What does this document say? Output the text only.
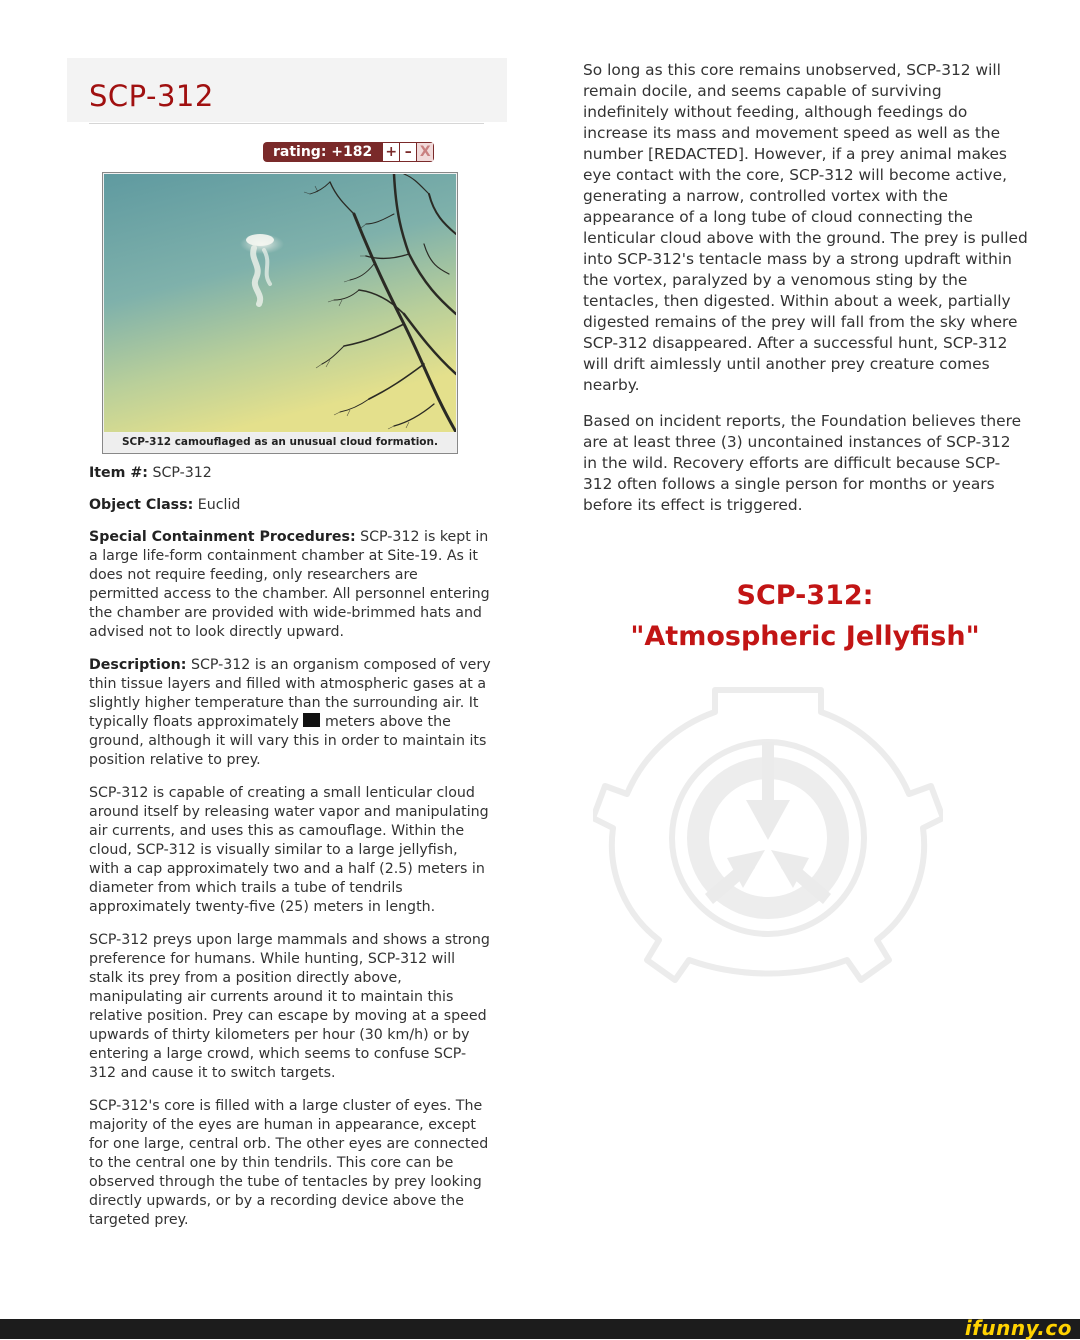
SCP-312
rating: +182 + – X
SCP-312 camouflaged as an unusual cloud formation.

Item #: SCP-312

Object Class: Euclid

Special Containment Procedures: SCP-312 is kept in a large life-form containment chamber at Site-19. As it does not require feeding, only researchers are permitted access to the chamber. All personnel entering the chamber are provided with wide-brimmed hats and advised not to look directly upward.

Description: SCP-312 is an organism composed of very thin tissue layers and filled with atmospheric gases at a slightly higher temperature than the surrounding air. It typically floats approximately meters above the ground, although it will vary this in order to maintain its position relative to prey.

SCP-312 is capable of creating a small lenticular cloud around itself by releasing water vapor and manipulating air currents, and uses this as camouflage. Within the cloud, SCP-312 is visually similar to a large jellyfish, with a cap approximately two and a half (2.5) meters in diameter from which trails a tube of tendrils approximately twenty-five (25) meters in length.

SCP-312 preys upon large mammals and shows a strong preference for humans. While hunting, SCP-312 will stalk its prey from a position directly above, manipulating air currents around it to maintain this relative position. Prey can escape by moving at a speed upwards of thirty kilometers per hour (30 km/h) or by entering a large crowd, which seems to confuse SCP-312 and cause it to switch targets.

SCP-312's core is filled with a large cluster of eyes. The majority of the eyes are human in appearance, except for one large, central orb. The other eyes are connected to the central one by thin tendrils. This core can be observed through the tube of tentacles by prey looking directly upwards, or by a recording device above the targeted prey.

So long as this core remains unobserved, SCP-312 will remain docile, and seems capable of surviving indefinitely without feeding, although feedings do increase its mass and movement speed as well as the number [REDACTED]. However, if a prey animal makes eye contact with the core, SCP-312 will become active, generating a narrow, controlled vortex with the appearance of a long tube of cloud connecting the lenticular cloud above with the ground. The prey is pulled into SCP-312's tentacle mass by a strong updraft within the vortex, paralyzed by a venomous sting by the tentacles, then digested. Within about a week, partially digested remains of the prey will fall from the sky where SCP-312 disappeared. After a successful hunt, SCP-312 will drift aimlessly until another prey creature comes nearby.

Based on incident reports, the Foundation believes there are at least three (3) uncontained instances of SCP-312 in the wild. Recovery efforts are difficult because SCP-312 often follows a single person for months or years before its effect is triggered.

SCP-312:
"Atmospheric Jellyfish"
ifunny.co
